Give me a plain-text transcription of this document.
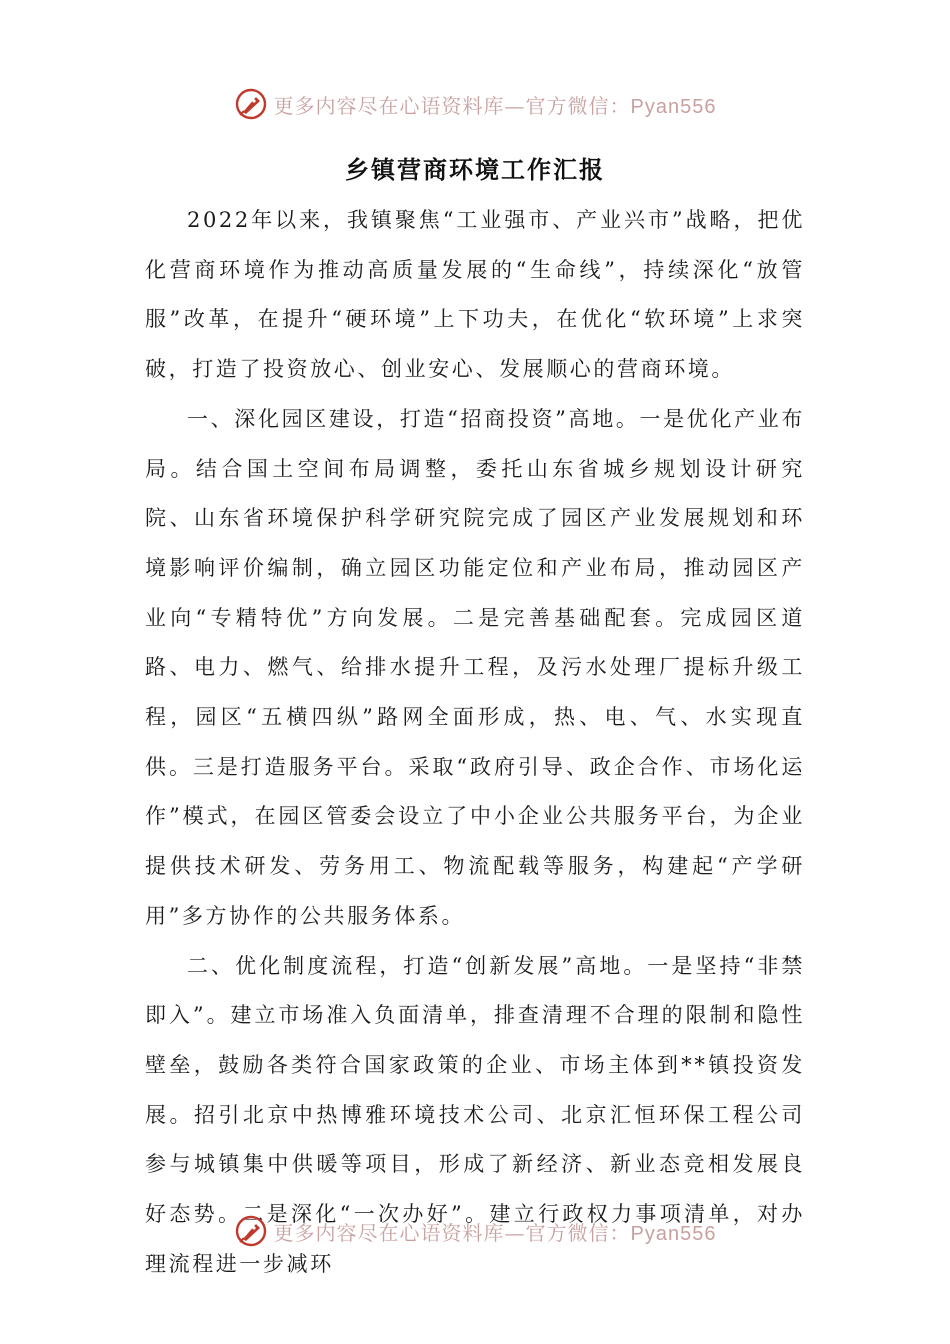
更多内容尽在心语资料库—官方微信：Pyan556
乡镇营商环境工作汇报

2022年以来，我镇聚焦“工业强市、产业兴市”战略，把优化营商环境作为推动高质量发展的“生命线”，持续深化“放管服”改革，在提升“硬环境”上下功夫，在优化“软环境”上求突破，打造了投资放心、创业安心、发展顺心的营商环境。

一、深化园区建设，打造“招商投资”高地。一是优化产业布局。结合国土空间布局调整，委托山东省城乡规划设计研究院、山东省环境保护科学研究院完成了园区产业发展规划和环境影响评价编制，确立园区功能定位和产业布局，推动园区产业向“专精特优”方向发展。二是完善基础配套。完成园区道路、电力、燃气、给排水提升工程，及污水处理厂提标升级工程，园区“五横四纵”路网全面形成，热、电、气、水实现直供。三是打造服务平台。采取“政府引导、政企合作、市场化运作”模式，在园区管委会设立了中小企业公共服务平台，为企业提供技术研发、劳务用工、物流配载等服务，构建起“产学研用”多方协作的公共服务体系。

二、优化制度流程，打造“创新发展”高地。一是坚持“非禁即入”。建立市场准入负面清单，排查清理不合理的限制和隐性壁垒，鼓励各类符合国家政策的企业、市场主体到**镇投资发展。招引北京中热博雅环境技术公司、北京汇恒环保工程公司参与城镇集中供暖等项目，形成了新经济、新业态竞相发展良好态势。二是深化“一次办好”。建立行政权力事项清单，对办理流程进一步减环

更多内容尽在心语资料库—官方微信：Pyan556
